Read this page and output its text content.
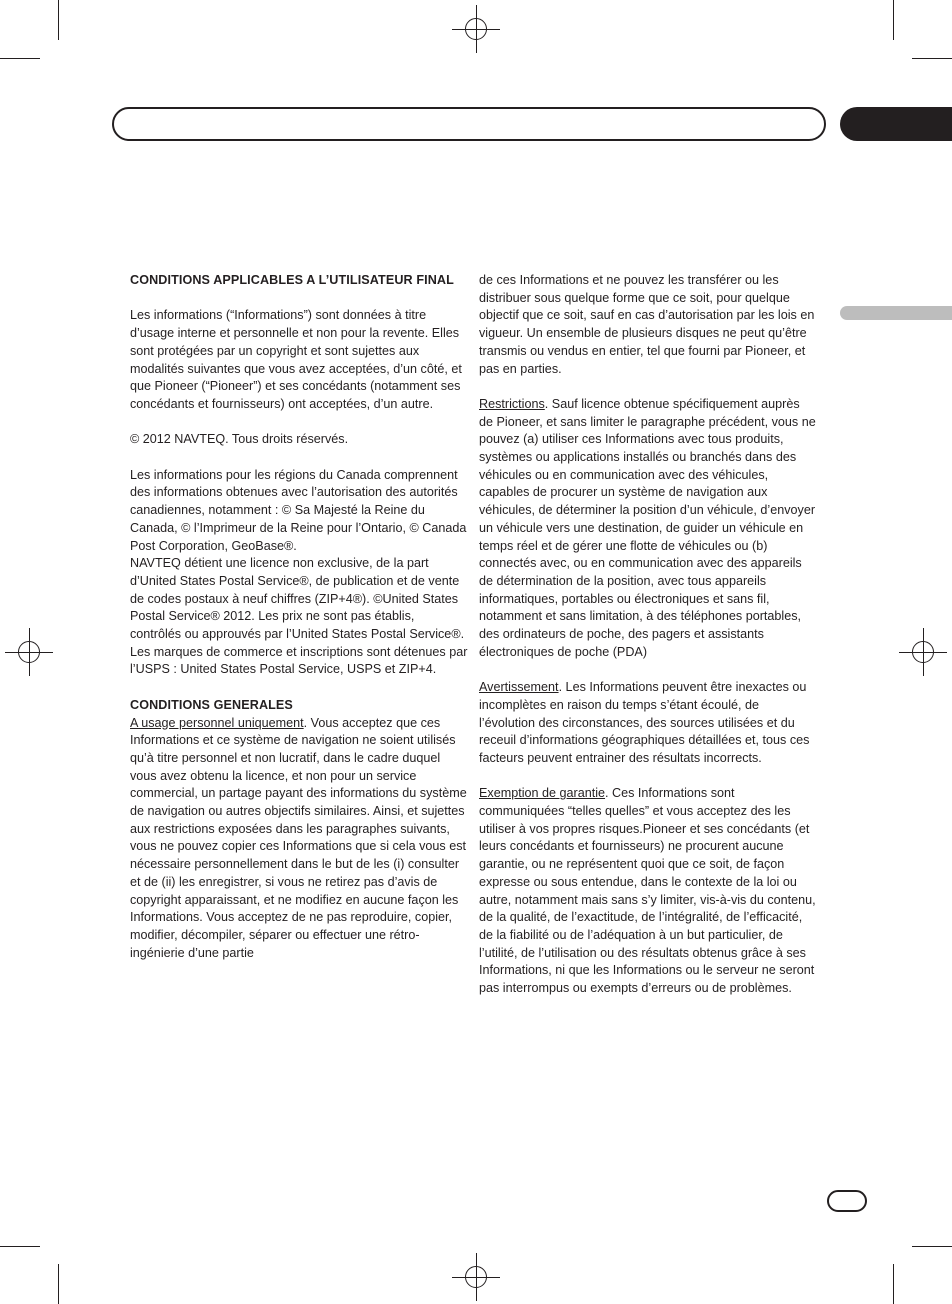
CONDITIONS APPLICABLES A L’UTILISATEUR FINAL

Les informations (“Informations”) sont données à titre d’usage interne et personnelle et non pour la revente. Elles sont protégées par un copyright et sont sujettes aux modalités suivantes que vous avez acceptées, d’un côté, et que Pioneer (“Pioneer”) et ses concédants (notamment ses concédants et fournisseurs) ont acceptées, d’un autre.

© 2012 NAVTEQ. Tous droits réservés.

Les informations pour les régions du Canada comprennent des informations obtenues avec l’autorisation des autorités canadiennes, notamment : © Sa Majesté la Reine du Canada, © l’Imprimeur de la Reine pour l’Ontario, © Canada Post Corporation, GeoBase®.

NAVTEQ détient une licence non exclusive, de la part d’United States Postal Service®, de publication et de vente de codes postaux à neuf chiffres (ZIP+4®). ©United States Postal Service® 2012. Les prix ne sont pas établis, contrôlés ou approuvés par l’United States Postal Service®. Les marques de commerce et inscriptions sont détenues par l’USPS : United States Postal Service, USPS et ZIP+4.

CONDITIONS GENERALES

A usage personnel uniquement. Vous acceptez que ces Informations et ce système de navigation ne soient utilisés qu’à titre personnel et non lucratif, dans le cadre duquel vous avez obtenu la licence, et non pour un service commercial, un partage payant des informations du système de navigation ou autres objectifs similaires. Ainsi, et sujettes aux restrictions exposées dans les paragraphes suivants, vous ne pouvez copier ces Informations que si cela vous est nécessaire personnellement dans le but de les (i) consulter et de (ii) les enregistrer, si vous ne retirez pas d’avis de copyright apparaissant, et ne modifiez en aucune façon les Informations. Vous acceptez de ne pas reproduire, copier, modifier, décompiler, séparer ou effectuer une rétro-ingénierie d’une partie

de ces Informations et ne pouvez les transférer ou les distribuer sous quelque forme que ce soit, pour quelque objectif que ce soit, sauf en cas d’autorisation par les lois en vigueur. Un ensemble de plusieurs disques ne peut qu’être transmis ou vendus en entier, tel que fourni par Pioneer, et pas en parties.

Restrictions. Sauf licence obtenue spécifiquement auprès de Pioneer, et sans limiter le paragraphe précédent, vous ne pouvez (a) utiliser ces Informations avec tous produits, systèmes ou applications installés ou branchés dans des véhicules ou en communication avec des véhicules, capables de procurer un système de navigation aux véhicules, de déterminer la position d’un véhicule, d’envoyer un véhicule vers une destination, de guider un véhicule en temps réel et de gérer une flotte de véhicules ou (b) connectés avec, ou en communication avec des appareils de détermination de la position, avec tous appareils informatiques, portables ou électroniques et sans fil, notamment et sans limitation, à des téléphones portables, des ordinateurs de poche, des pagers et assistants électroniques de poche (PDA)

Avertissement. Les Informations peuvent être inexactes ou incomplètes en raison du temps s’étant écoulé, de l’évolution des circonstances, des sources utilisées et du receuil d’informations géographiques détaillées et, tous ces facteurs peuvent entrainer des résultats incorrects.

Exemption de garantie. Ces Informations sont communiquées “telles quelles” et vous acceptez des les utiliser à vos propres risques.Pioneer et ses concédants (et leurs concédants et fournisseurs) ne procurent aucune garantie, ou ne représentent quoi que ce soit, de façon expresse ou sous entendue, dans le contexte de la loi ou autre, notamment mais sans s’y limiter, vis-à-vis du contenu, de la qualité, de l’exactitude, de l’intégralité, de l’efficacité, de la fiabilité ou de l’adéquation à un but particulier, de l’utilité, de l’utilisation ou des résultats obtenus grâce à ses Informations, ni que les Informations ou le serveur ne seront pas interrompus ou exempts d’erreurs ou de problèmes.
